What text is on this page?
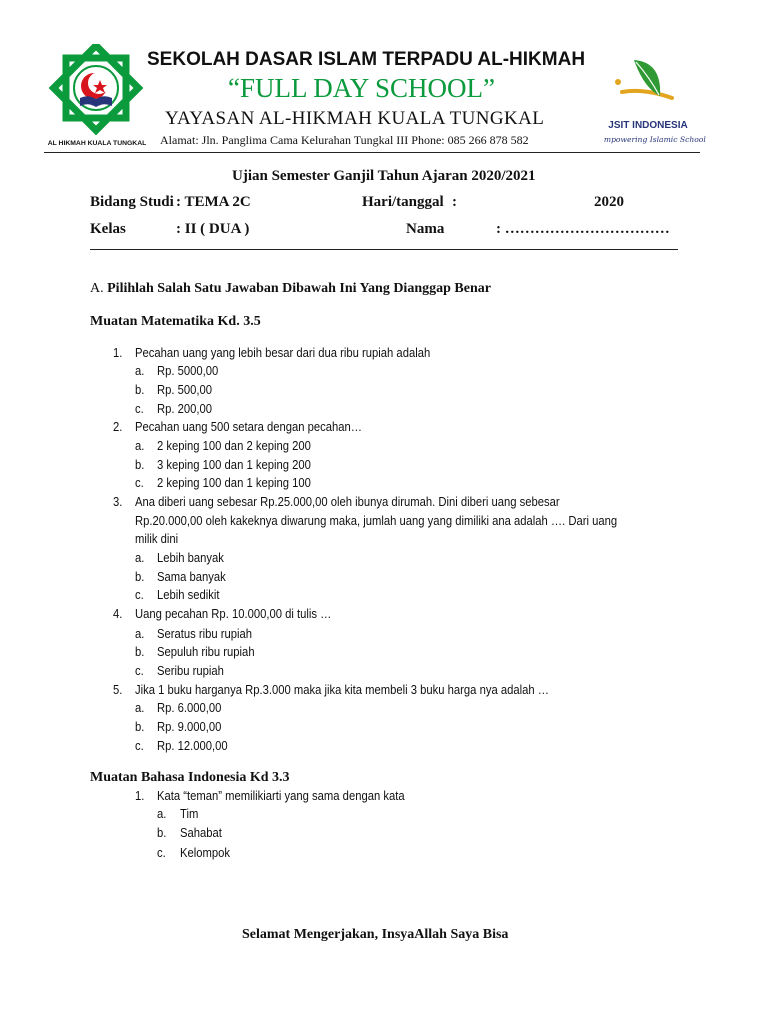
AL HIKMAH KUALA TUNGKAL
SEKOLAH DASAR ISLAM TERPADU AL-HIKMAH
“FULL DAY SCHOOL”
YAYASAN AL-HIKMAH KUALA TUNGKAL
Alamat: Jln. Panglima Cama Kelurahan Tungkal III Phone: 085 266 878 582
JSIT INDONESIA
Empowering Islamic Schools
Ujian Semester Ganjil Tahun Ajaran 2020/2021
Bidang Studi : TEMA 2C	Hari/tanggal :	2020
Kelas	: II ( DUA )	Nama	: ……………………………
A. Pilihlah Salah Satu Jawaban Dibawah Ini Yang Dianggap Benar
Muatan Matematika Kd. 3.5
1. Pecahan uang yang lebih besar dari dua ribu rupiah adalah
a. Rp. 5000,00
b. Rp. 500,00
c. Rp. 200,00
2. Pecahan uang 500 setara dengan pecahan…
a. 2 keping 100 dan 2 keping 200
b. 3 keping 100 dan 1 keping 200
c. 2 keping 100 dan 1 keping 100
3. Ana diberi uang sebesar Rp.25.000,00 oleh ibunya dirumah. Dini diberi uang sebesar
Rp.20.000,00 oleh kakeknya diwarung maka, jumlah uang yang dimiliki ana adalah …. Dari uang
milik dini
a. Lebih banyak
b. Sama banyak
c. Lebih sedikit
4. Uang pecahan Rp. 10.000,00 di tulis …
a. Seratus ribu rupiah
b. Sepuluh ribu rupiah
c. Seribu rupiah
5. Jika 1 buku harganya Rp.3.000 maka jika kita membeli 3 buku harga nya adalah …
a. Rp. 6.000,00
b. Rp. 9.000,00
c. Rp. 12.000,00
Muatan Bahasa Indonesia Kd 3.3
1. Kata “teman” memilikiarti yang sama dengan kata
a. Tim
b. Sahabat
c. Kelompok
Selamat Mengerjakan, InsyaAllah Saya Bisa
